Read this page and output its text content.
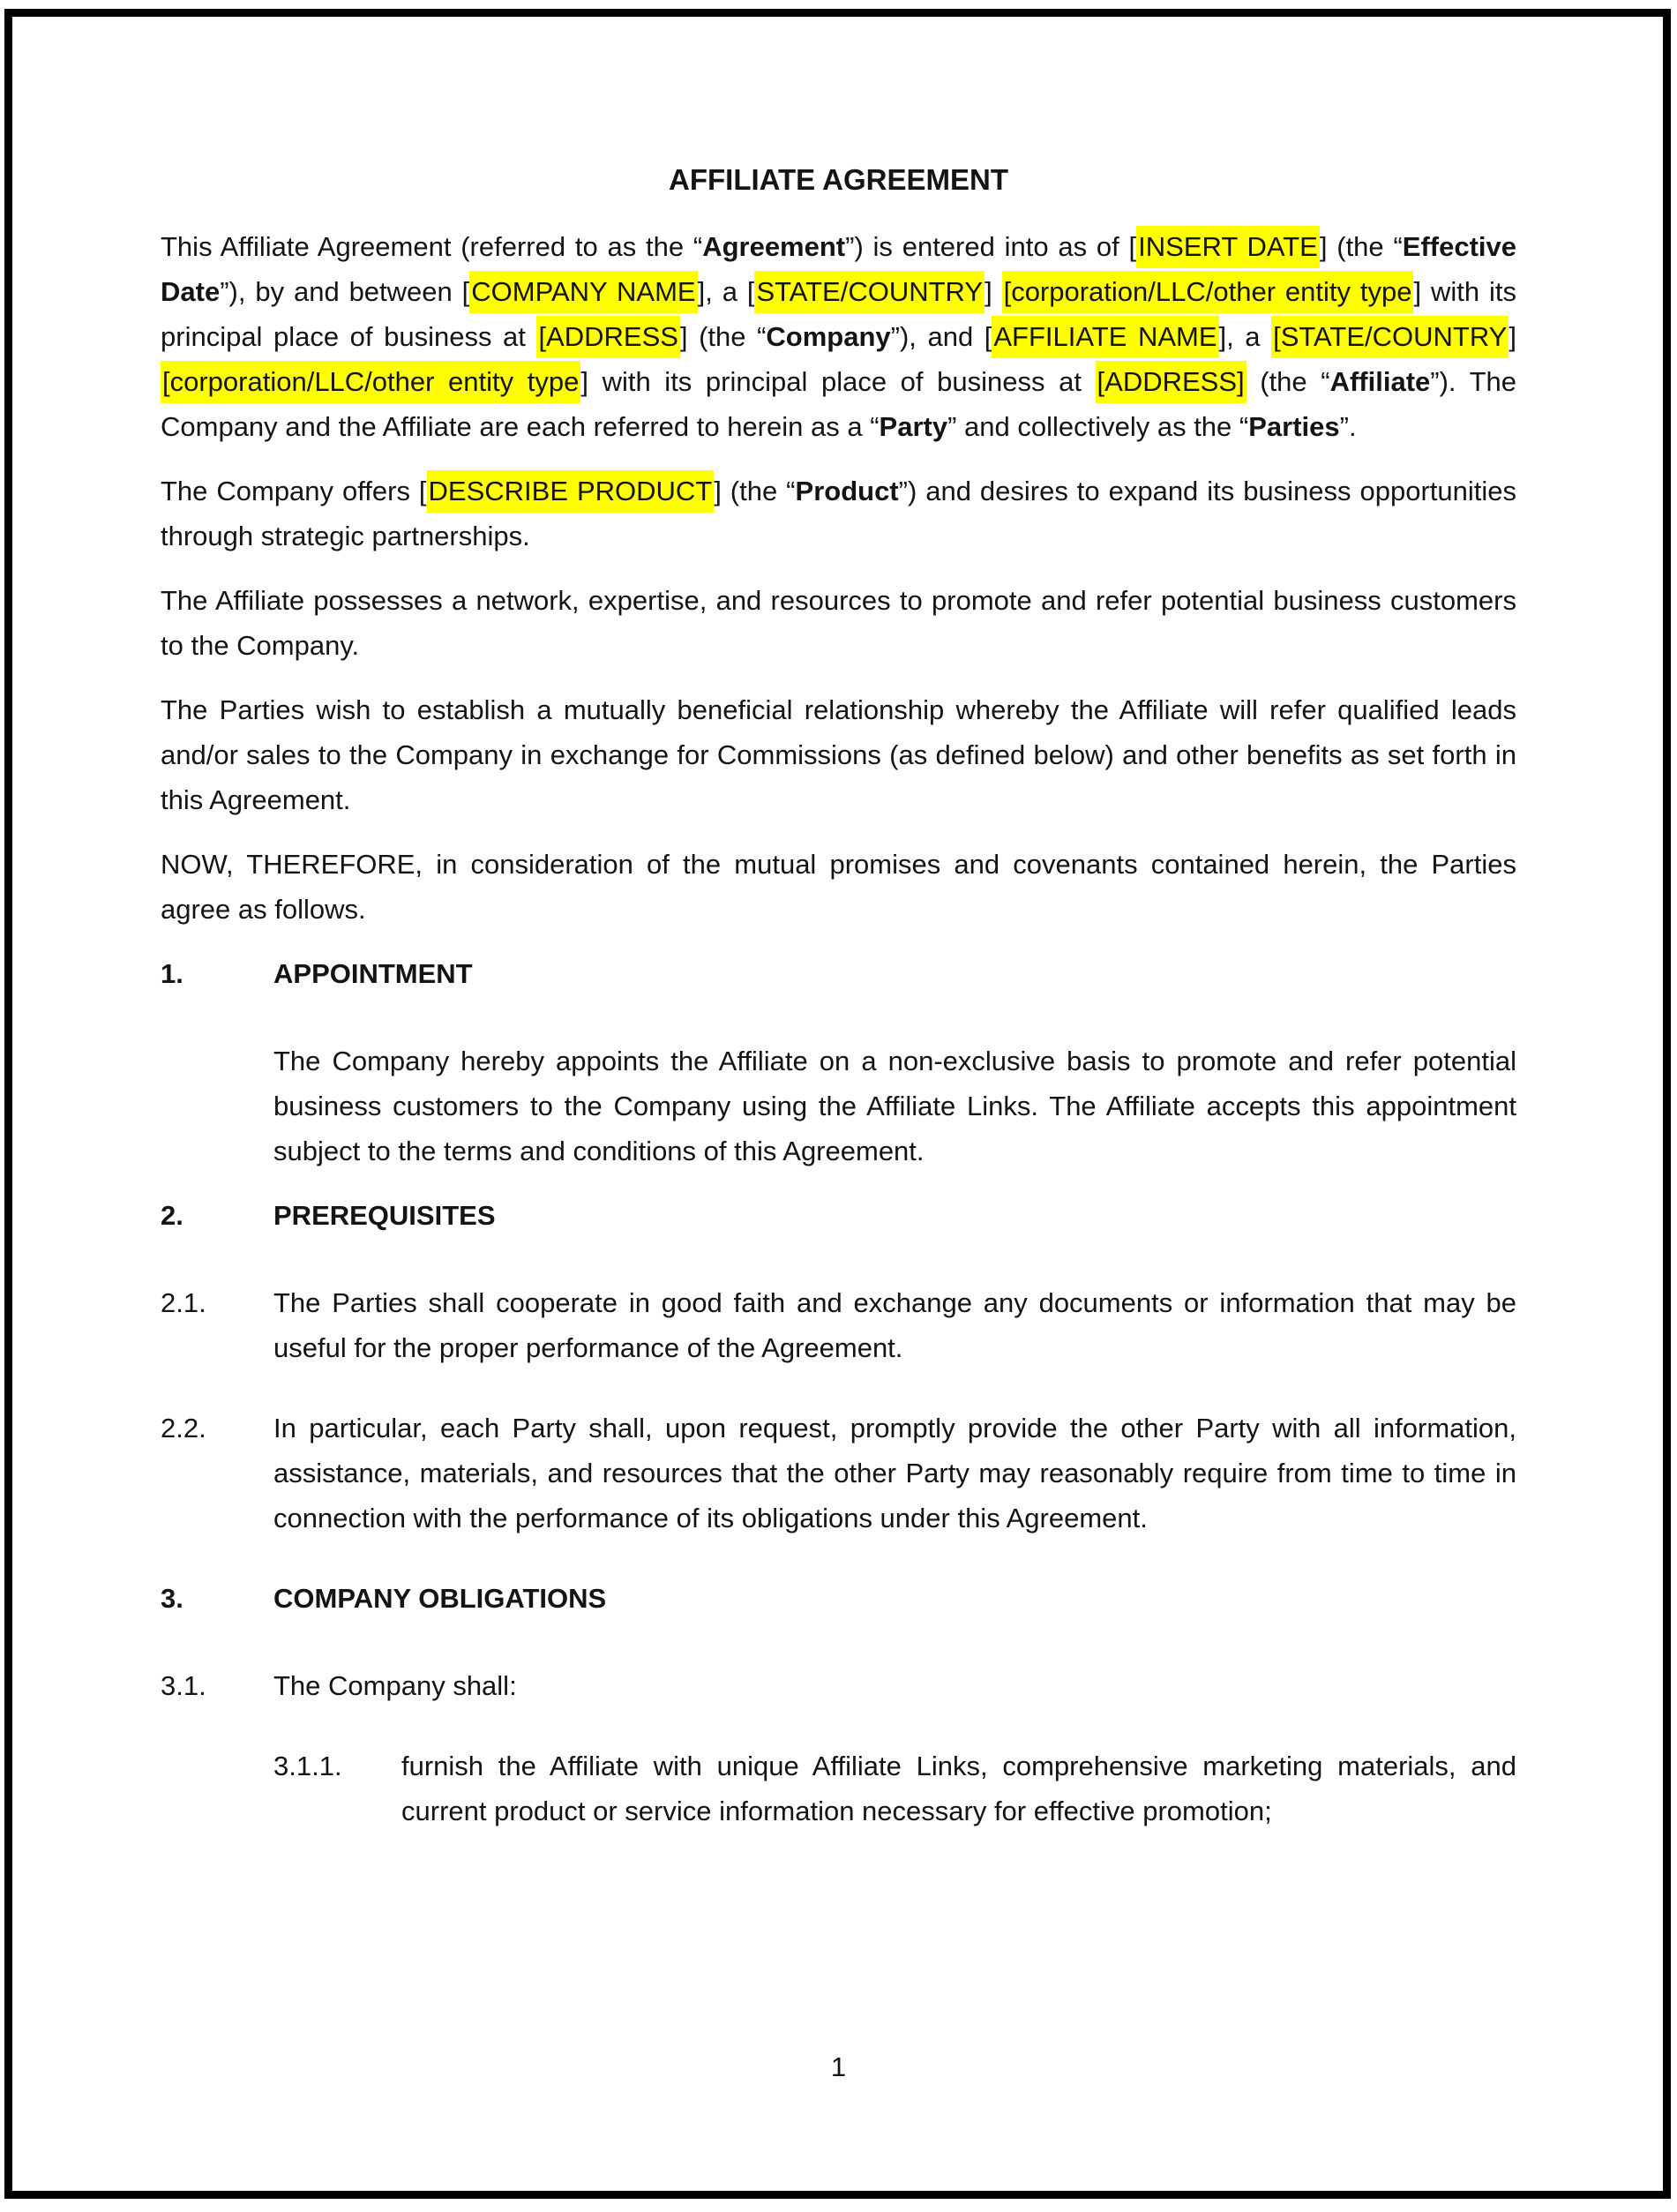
AFFILIATE AGREEMENT
This Affiliate Agreement (referred to as the “Agreement”) is entered into as of [INSERT DATE] (the “Effective Date”), by and between [COMPANY NAME], a [STATE/COUNTRY] [corporation/LLC/other entity type] with its principal place of business at [ADDRESS] (the “Company”), and [AFFILIATE NAME], a [STATE/COUNTRY] [corporation/LLC/other entity type] with its principal place of business at [ADDRESS] (the “Affiliate”). The Company and the Affiliate are each referred to herein as a “Party” and collectively as the “Parties”.
The Company offers [DESCRIBE PRODUCT] (the “Product”) and desires to expand its business opportunities through strategic partnerships.
The Affiliate possesses a network, expertise, and resources to promote and refer potential business customers to the Company.
The Parties wish to establish a mutually beneficial relationship whereby the Affiliate will refer qualified leads and/or sales to the Company in exchange for Commissions (as defined below) and other benefits as set forth in this Agreement.
NOW, THEREFORE, in consideration of the mutual promises and covenants contained herein, the Parties agree as follows.
1.	APPOINTMENT
The Company hereby appoints the Affiliate on a non-exclusive basis to promote and refer potential business customers to the Company using the Affiliate Links. The Affiliate accepts this appointment subject to the terms and conditions of this Agreement.
2.	PREREQUISITES
2.1.	The Parties shall cooperate in good faith and exchange any documents or information that may be useful for the proper performance of the Agreement.
2.2.	In particular, each Party shall, upon request, promptly provide the other Party with all information, assistance, materials, and resources that the other Party may reasonably require from time to time in connection with the performance of its obligations under this Agreement.
3.	COMPANY OBLIGATIONS
3.1.	The Company shall:
3.1.1.	furnish the Affiliate with unique Affiliate Links, comprehensive marketing materials, and current product or service information necessary for effective promotion;
1
